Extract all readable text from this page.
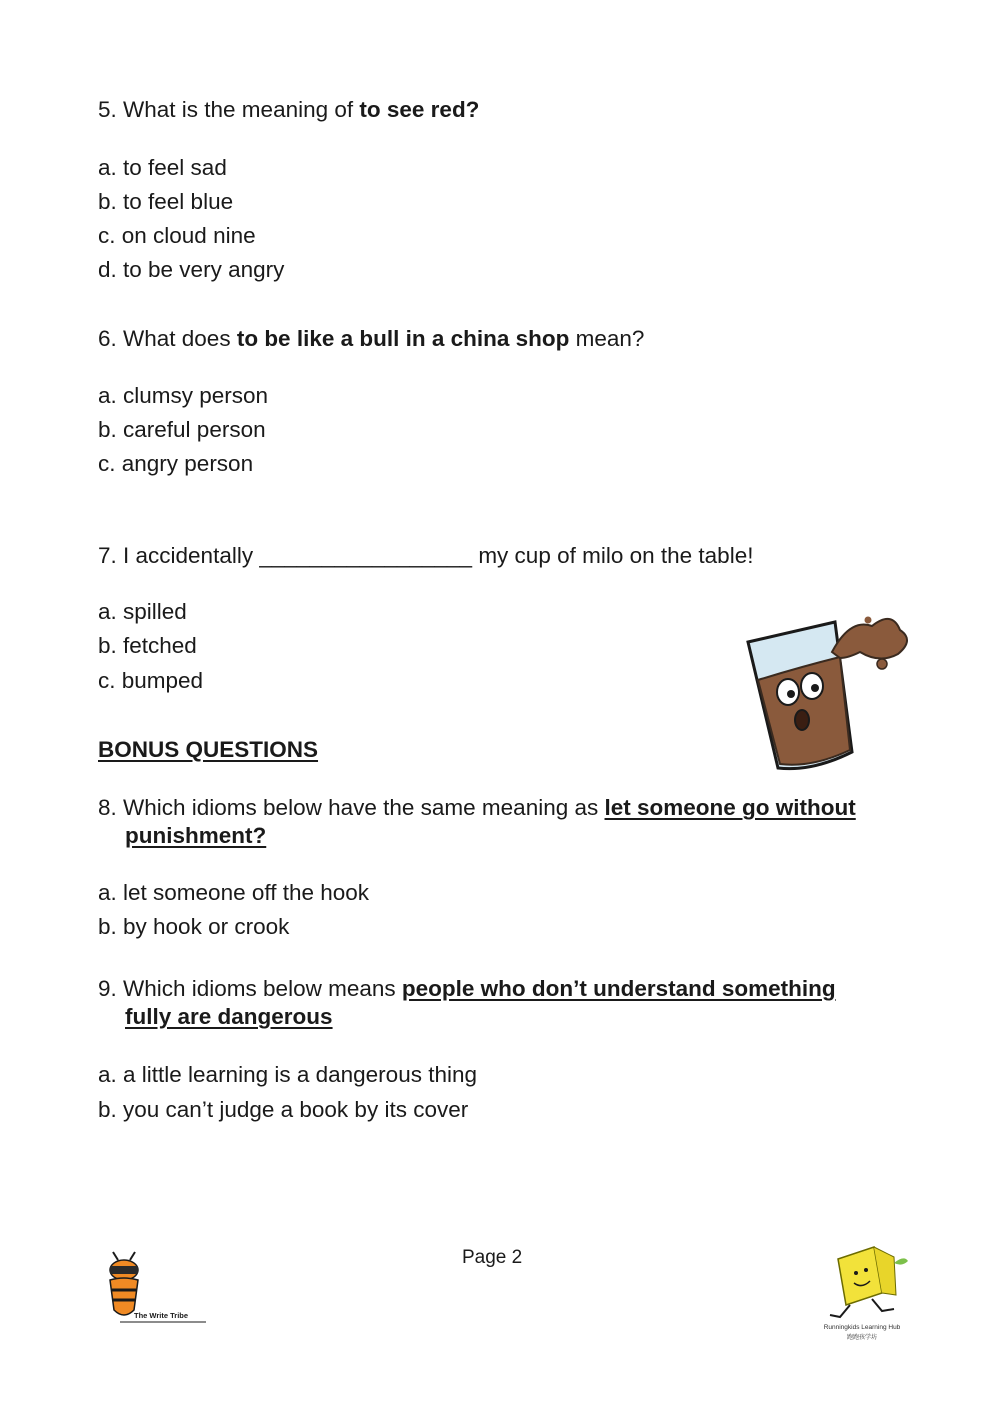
5. What is the meaning of to see red?
a. to feel sad
b. to feel blue
c. on cloud nine
d. to be very angry
6. What does to be like a bull in a china shop mean?
a. clumsy person
b. careful person
c. angry person
7. I accidentally _________________ my cup of milo on the table!
a. spilled
b. fetched
c. bumped	ock
BONUS QUESTIONS
8. Which idioms below have the same meaning as let someone go without
punishment?
a. let someone off the hook
b. by hook or crook
9. Which idioms below means people who don’t understand something
fully are dangerous
a. a little learning is a dangerous thing
b. you can’t judge a book by its cover
Page 2
The Write Tribe
Runningkids Learning Hub
跑跑孩学坊
